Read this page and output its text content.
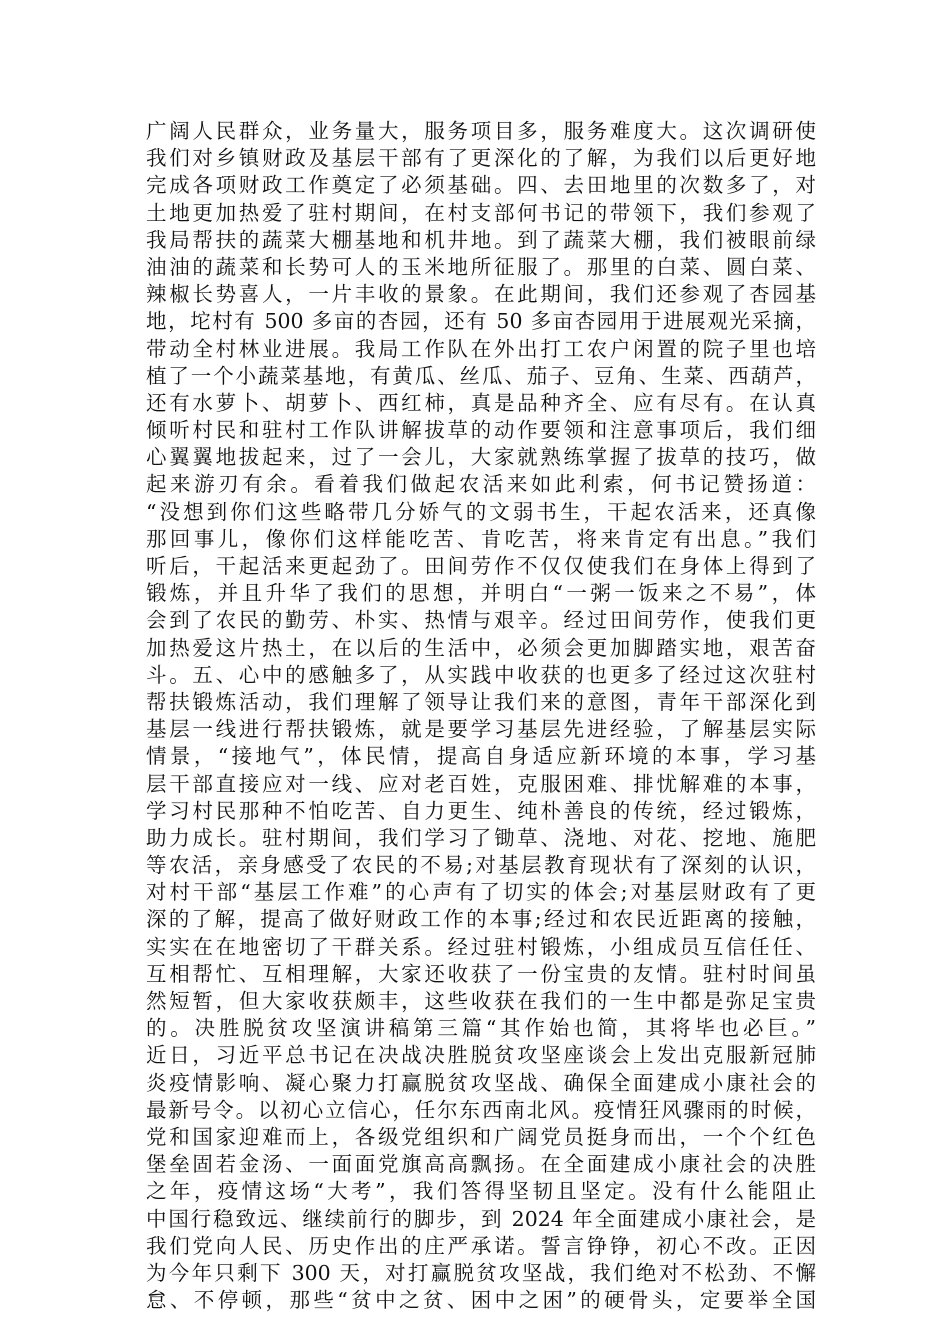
广阔人民群众，业务量大，服务项目多，服务难度大。这次调研使
我们对乡镇财政及基层干部有了更深化的了解，为我们以后更好地
完成各项财政工作奠定了必须基础。四、去田地里的次数多了，对
土地更加热爱了驻村期间，在村支部何书记的带领下，我们参观了
我局帮扶的蔬菜大棚基地和机井地。到了蔬菜大棚，我们被眼前绿
油油的蔬菜和长势可人的玉米地所征服了。那里的白菜、圆白菜、
辣椒长势喜人，一片丰收的景象。在此期间，我们还参观了杏园基
地，坨村有 500 多亩的杏园，还有 50 多亩杏园用于进展观光采摘，
带动全村林业进展。我局工作队在外出打工农户闲置的院子里也培
植了一个小蔬菜基地，有黄瓜、丝瓜、茄子、豆角、生菜、西葫芦，
还有水萝卜、胡萝卜、西红柿，真是品种齐全、应有尽有。在认真
倾听村民和驻村工作队讲解拔草的动作要领和注意事项后，我们细
心翼翼地拔起来，过了一会儿，大家就熟练掌握了拔草的技巧，做
起来游刃有余。看着我们做起农活来如此利索，何书记赞扬道：
“没想到你们这些略带几分娇气的文弱书生，干起农活来，还真像
那回事儿，像你们这样能吃苦、肯吃苦，将来肯定有出息。”我们
听后，干起活来更起劲了。田间劳作不仅仅使我们在身体上得到了
锻炼，并且升华了我们的思想，并明白“一粥一饭来之不易”，体
会到了农民的勤劳、朴实、热情与艰辛。经过田间劳作，使我们更
加热爱这片热土，在以后的生活中，必须会更加脚踏实地，艰苦奋
斗。五、心中的感触多了，从实践中收获的也更多了经过这次驻村
帮扶锻炼活动，我们理解了领导让我们来的意图，青年干部深化到
基层一线进行帮扶锻炼，就是要学习基层先进经验，了解基层实际
情景，“接地气”，体民情，提高自身适应新环境的本事，学习基
层干部直接应对一线、应对老百姓，克服困难、排忧解难的本事，
学习村民那种不怕吃苦、自力更生、纯朴善良的传统，经过锻炼，
助力成长。驻村期间，我们学习了锄草、浇地、对花、挖地、施肥
等农活，亲身感受了农民的不易;对基层教育现状有了深刻的认识，
对村干部“基层工作难”的心声有了切实的体会;对基层财政有了更
深的了解，提高了做好财政工作的本事;经过和农民近距离的接触，
实实在在地密切了干群关系。经过驻村锻炼，小组成员互信任任、
互相帮忙、互相理解，大家还收获了一份宝贵的友情。驻村时间虽
然短暂，但大家收获颇丰，这些收获在我们的一生中都是弥足宝贵
的。决胜脱贫攻坚演讲稿第三篇“其作始也简，其将毕也必巨。”
近日，习近平总书记在决战决胜脱贫攻坚座谈会上发出克服新冠肺
炎疫情影响、凝心聚力打赢脱贫攻坚战、确保全面建成小康社会的
最新号令。以初心立信心，任尔东西南北风。疫情狂风骤雨的时候，
党和国家迎难而上，各级党组织和广阔党员挺身而出，一个个红色
堡垒固若金汤、一面面党旗高高飘扬。在全面建成小康社会的决胜
之年，疫情这场“大考”，我们答得坚韧且坚定。没有什么能阻止
中国行稳致远、继续前行的脚步，到 2024 年全面建成小康社会，是
我们党向人民、历史作出的庄严承诺。誓言铮铮，初心不改。正因
为今年只剩下 300 天，对打赢脱贫攻坚战，我们绝对不松劲、不懈
怠、不停顿，那些“贫中之贫、困中之困”的硬骨头，定要举全国
